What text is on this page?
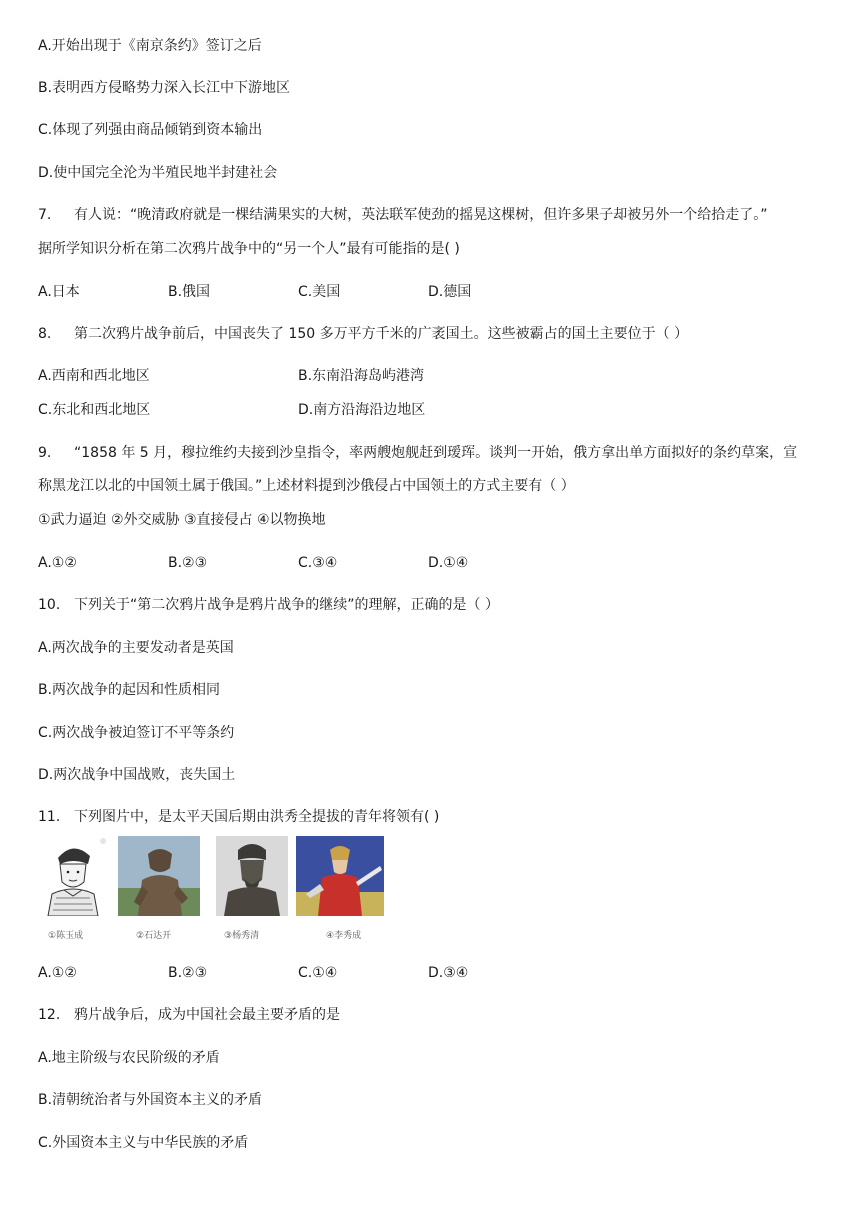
A.开始出现于《南京条约》签订之后
B.表明西方侵略势力深入长江中下游地区
C.体现了列强由商品倾销到资本输出
D.使中国完全沦为半殖民地半封建社会
7. 有人说：“晚清政府就是一棵结满果实的大树，英法联军使劲的摇晃这棵树，但许多果子却被另外一个给拾走了。”
据所学知识分析在第二次鸦片战争中的“另一个人”最有可能指的是( )
A.日本	B.俄国	C.美国	D.德国
8. 第二次鸦片战争前后，中国丧失了 150 多万平方千米的广袤国土。这些被霸占的国土主要位于（ ）
A.西南和西北地区	B.东南沿海岛屿港湾
C.东北和西北地区	D.南方沿海沿边地区
9. “1858 年 5 月，穆拉维约夫接到沙皇指令，率两艘炮舰赶到瑷珲。谈判一开始，俄方拿出单方面拟好的条约草案，宣
称黑龙江以北的中国领土属于俄国。”上述材料提到沙俄侵占中国领土的方式主要有（ ）
①武力逼迫 ②外交威胁 ③直接侵占 ④以物换地
A.①②	B.②③	C.③④	D.①④
10. 下列关于“第二次鸦片战争是鸦片战争的继续”的理解，正确的是（ ）
A.两次战争的主要发动者是英国
B.两次战争的起因和性质相同
C.两次战争被迫签订不平等条约
D.两次战争中国战败，丧失国土
11. 下列图片中，是太平天国后期由洪秀全提拔的青年将领有( )
①陈玉成	②石达开	③杨秀清	④李秀成
A.①②	B.②③	C.①④	D.③④
12. 鸦片战争后，成为中国社会最主要矛盾的是
A.地主阶级与农民阶级的矛盾
B.清朝统治者与外国资本主义的矛盾
C.外国资本主义与中华民族的矛盾
